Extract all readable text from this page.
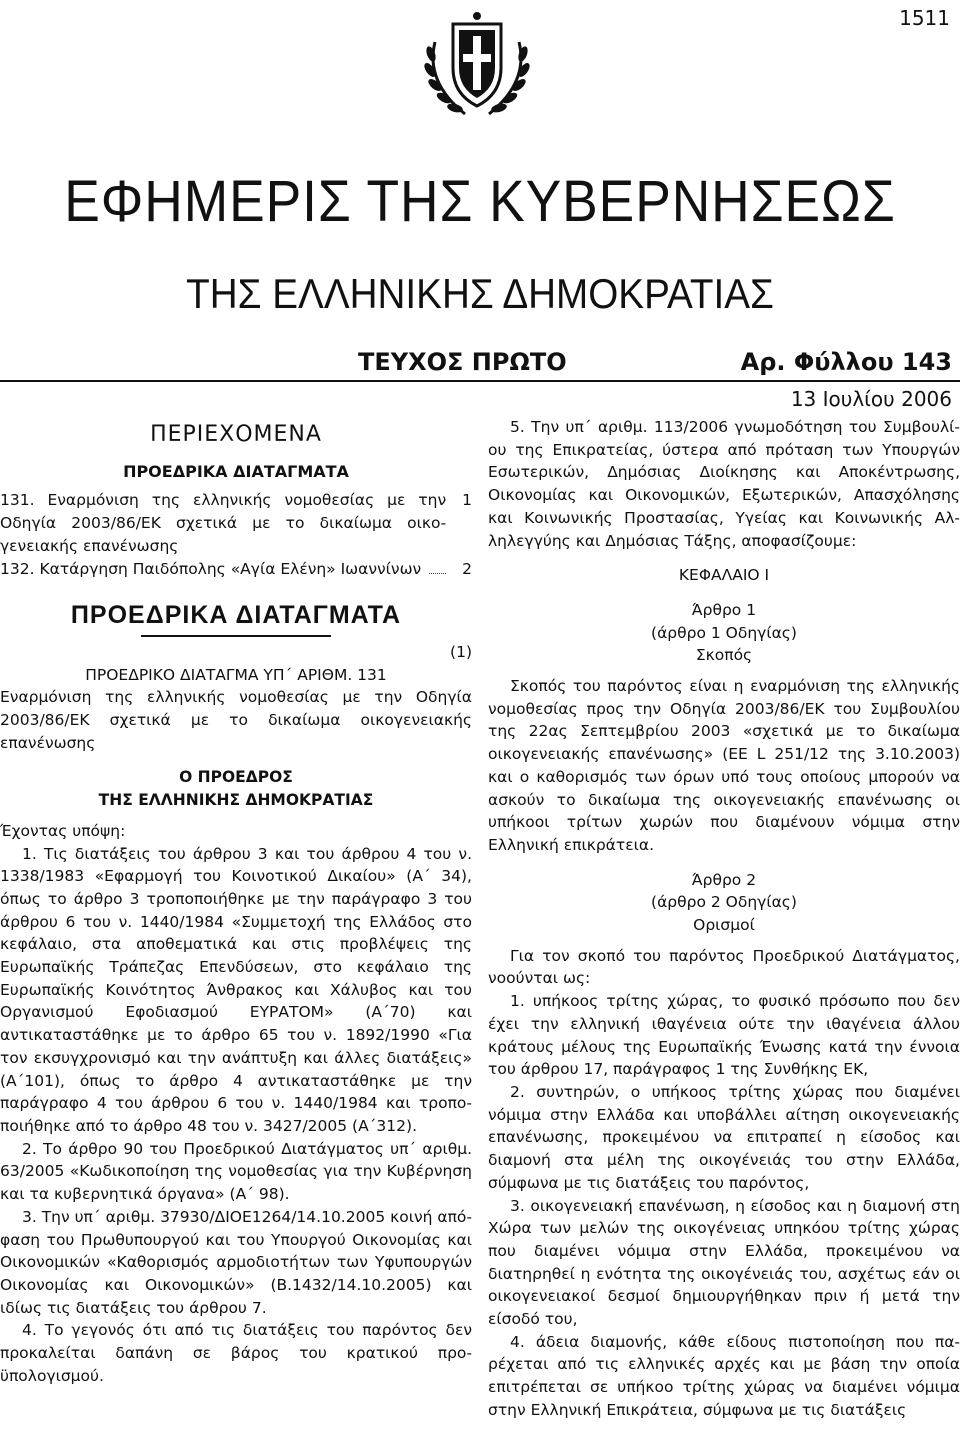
1511
ΕΦΗΜΕΡΙΣ ΤΗΣ ΚΥΒΕΡΝΗΣΕΩΣ
ΤΗΣ ΕΛΛΗΝΙΚΗΣ ΔΗΜΟΚΡΑΤΙΑΣ
ΤΕΥΧΟΣ ΠΡΩΤΟ	Αρ. Φύλλου 143
13 Ιουλίου 2006
ΠΕΡΙΕΧΟΜΕΝΑ
ΠΡΟΕΔΡΙΚΑ ΔΙΑΤΑΓΜΑΤΑ
131. Εναρμόνιση της ελληνικής νομοθεσίας με την Οδηγία 2003/86/ΕΚ σχετικά με το δικαίωμα οικογενειακής επανένωσης
1
132. Κατάργηση Παιδόπολης «Αγία Ελένη» Ιωαννίνων	2
ΠΡΟΕΔΡΙΚΑ ΔΙΑΤΑΓΜΑΤΑ
(1)
ΠΡΟΕΔΡΙΚΟ ΔΙΑΤΑΓΜΑ ΥΠ΄ ΑΡΙΘΜ. 131
Εναρμόνιση της ελληνικής νομοθεσίας με την Οδηγία 2003/86/ΕΚ σχετικά με το δικαίωμα οικογενειακής επανένωσης
Ο ΠΡΟΕΔΡΟΣ
ΤΗΣ ΕΛΛΗΝΙΚΗΣ ΔΗΜΟΚΡΑΤΙΑΣ
Έχοντας υπόψη:
1. Τις διατάξεις του άρθρου 3 και του άρθρου 4 του ν. 1338/1983 «Εφαρμογή του Κοινοτικού Δικαίου» (Α΄ 34), όπως το άρθρο 3 τροποποιήθηκε με την παράγραφο 3 του άρθρου 6 του ν. 1440/1984 «Συμμετοχή της Ελλάδος στο κεφάλαιο, στα αποθεματικά και στις προβλέψεις της Ευρωπαϊκής Τράπεζας Επενδύσεων, στο κεφάλαιο της Ευρωπαϊκής Κοινότητος Άνθρακος και Χάλυβος και του Οργανισμού Εφοδιασμού ΕΥΡΑΤΟΜ» (Α΄70) και αντικαταστάθηκε με το άρθρο 65 του ν. 1892/1990 «Για τον εκσυγχρονισμό και την ανάπτυξη και άλλες διατάξεις» (Α΄101), όπως το άρθρο 4 αντικαταστάθηκε με την παράγραφο 4 του άρθρου 6 του ν. 1440/1984 και τροποποιήθηκε από το άρθρο 48 του ν. 3427/2005 (Α΄312).
2. Το άρθρο 90 του Προεδρικού Διατάγματος υπ΄ αριθμ. 63/2005 «Κωδικοποίηση της νομοθεσίας για την Κυβέρνηση και τα κυβερνητικά όργανα» (Α΄ 98).
3. Την υπ΄ αριθμ. 37930/ΔΙΟΕ1264/14.10.2005 κοινή απόφαση του Πρωθυπουργού και του Υπουργού Οικονομίας και Οικονομικών «Καθορισμός αρμοδιοτήτων των Υφυπουργών Οικονομίας και Οικονομικών» (Β.1432/14.10.2005) και ιδίως τις διατάξεις του άρθρου 7.
4. Το γεγονός ότι από τις διατάξεις του παρόντος δεν προκαλείται δαπάνη σε βάρος του κρατικού προϋπολογισμού.
5. Την υπ΄ αριθμ. 113/2006 γνωμοδότηση του Συμβουλίου της Επικρατείας, ύστερα από πρόταση των Υπουργών Εσωτερικών, Δημόσιας Διοίκησης και Αποκέντρωσης, Οικονομίας και Οικονομικών, Εξωτερικών, Απασχόλησης και Κοινωνικής Προστασίας, Υγείας και Κοινωνικής Αλληλεγγύης και Δημόσιας Τάξης, αποφασίζουμε:
ΚΕΦΑΛΑΙΟ Ι
Άρθρο 1
(άρθρο 1 Οδηγίας)
Σκοπός
Σκοπός του παρόντος είναι η εναρμόνιση της ελληνικής νομοθεσίας προς την Οδηγία 2003/86/ΕΚ του Συμβουλίου της 22ας Σεπτεμβρίου 2003 «σχετικά με το δικαίωμα οικογενειακής επανένωσης» (ΕΕ L 251/12 της 3.10.2003) και ο καθορισμός των όρων υπό τους οποίους μπορούν να ασκούν το δικαίωμα της οικογενειακής επανένωσης οι υπήκοοι τρίτων χωρών που διαμένουν νόμιμα στην Ελληνική επικράτεια.
Άρθρο 2
(άρθρο 2 Οδηγίας)
Ορισμοί
Για τον σκοπό του παρόντος Προεδρικού Διατάγματος, νοούνται ως:
1. υπήκοος τρίτης χώρας, το φυσικό πρόσωπο που δεν έχει την ελληνική ιθαγένεια ούτε την ιθαγένεια άλλου κράτους μέλους της Ευρωπαϊκής Ένωσης κατά την έννοια του άρθρου 17, παράγραφος 1 της Συνθήκης ΕΚ,
2. συντηρών, ο υπήκοος τρίτης χώρας που διαμένει νόμιμα στην Ελλάδα και υποβάλλει αίτηση οικογενειακής επανένωσης, προκειμένου να επιτραπεί η είσοδος και διαμονή στα μέλη της οικογένειάς του στην Ελλάδα, σύμφωνα με τις διατάξεις του παρόντος,
3. οικογενειακή επανένωση, η είσοδος και η διαμονή στη Χώρα των μελών της οικογένειας υπηκόου τρίτης χώρας που διαμένει νόμιμα στην Ελλάδα, προκειμένου να διατηρηθεί η ενότητα της οικογένειάς του, ασχέτως εάν οι οικογενειακοί δεσμοί δημιουργήθηκαν πριν ή μετά την είσοδό του,
4. άδεια διαμονής, κάθε είδους πιστοποίηση που παρέχεται από τις ελληνικές αρχές και με βάση την οποία επιτρέπεται σε υπήκοο τρίτης χώρας να διαμένει νόμιμα στην Ελληνική Επικράτεια, σύμφωνα με τις διατάξεις
